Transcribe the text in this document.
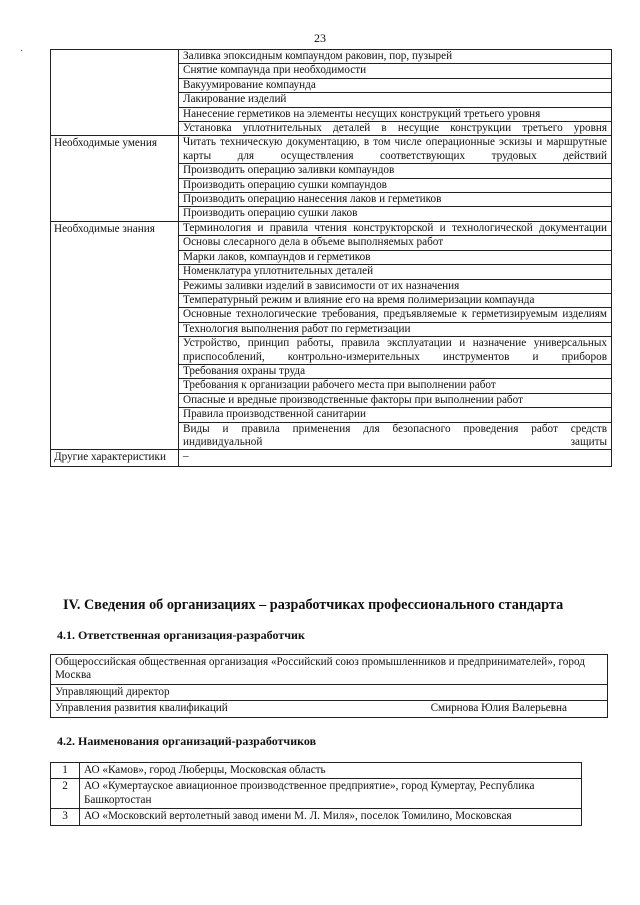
23
·
		Заливка эпоксидным компаундом раковин, пор, пузырей
	Снятие компаунда при необходимости
	Вакуумирование компаунда
	Лакирование изделий
	Нанесение герметиков на элементы несущих конструкций третьего уровня
	Установка уплотнительных деталей в несущие конструкции третьего уровня
Необходимые умения	Читать техническую документацию, в том числе операционные эскизы и маршрутные карты для осуществления соответствующих трудовых действий
	Производить операцию заливки компаундов
	Производить операцию сушки компаундов
	Производить операцию нанесения лаков и герметиков
	Производить операцию сушки лаков
Необходимые знания	Терминология и правила чтения конструкторской и технологической документации
	Основы слесарного дела в объеме выполняемых работ
	Марки лаков, компаундов и герметиков
	Номенклатура уплотнительных деталей
	Режимы заливки изделий в зависимости от их назначения
	Температурный режим и влияние его на время полимеризации компаунда
	Основные технологические требования, предъявляемые к герметизируемым изделиям
	Технология выполнения работ по герметизации
	Устройство, принцип работы, правила эксплуатации и назначение универсальных приспособлений, контрольно-измерительных инструментов и приборов
	Требования охраны труда
	Требования к организации рабочего места при выполнении работ
	Опасные и вредные производственные факторы при выполнении работ
	Правила производственной санитарии
	Виды и правила применения для безопасного проведения работ средств индивидуальной защиты
Другие характеристики	–
IV. Сведения об организациях – разработчиках профессионального стандарта
4.1. Ответственная организация-разработчик
Общероссийская общественная организация «Российский союз промышленников и предпринимателей», город Москва
Управляющий директор

Управления развития квалификаций	Смирнова Юлия Валерьевна
4.2. Наименования организаций-разработчиков
1	АО «Камов», город Люберцы, Московская область
2	АО «Кумертауское авиационное производственное предприятие», город Кумертау, Республика Башкортостан
3	АО «Московский вертолетный завод имени М. Л. Миля», поселок Томилино, Московская
